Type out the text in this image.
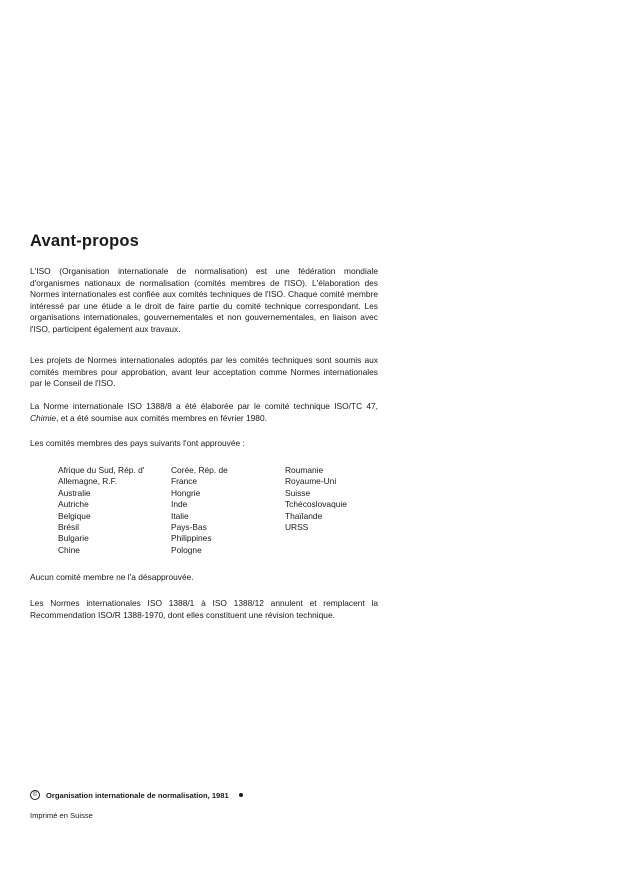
Avant-propos

L'ISO (Organisation internationale de normalisation) est une fédération mondiale d'organismes nationaux de normalisation (comités membres de l'ISO). L'élaboration des Normes internationales est confiée aux comités techniques de l'ISO. Chaque comité membre intéressé par une étude a le droit de faire partie du comité technique correspondant. Les organisations internationales, gouvernementales et non gouvernementales, en liaison avec l'ISO, participent également aux travaux.

Les projets de Normes internationales adoptés par les comités techniques sont soumis aux comités membres pour approbation, avant leur acceptation comme Normes internationales par le Conseil de l'ISO.

La Norme internationale ISO 1388/8 a été élaborée par le comité technique ISO/TC 47, Chimie, et a été soumise aux comités membres en février 1980.

Les comités membres des pays suivants l'ont approuvée :

Afrique du Sud, Rép. d'
Allemagne, R.F.
Australie
Autriche
Belgique
Brésil
Bulgarie
Chine
Corée, Rép. de
France
Hongrie
Inde
Italie
Pays-Bas
Philippines
Pologne
Roumanie
Royaume-Uni
Suisse
Tchécoslovaquie
Thaïlande
URSS

Aucun comité membre ne l'a désapprouvée.

Les Normes internationales ISO 1388/1 à ISO 1388/12 annulent et remplacent la Recommendation ISO/R 1388-1970, dont elles constituent une révision technique.

©	Organisation internationale de normalisation, 1981
Imprimé en Suisse
